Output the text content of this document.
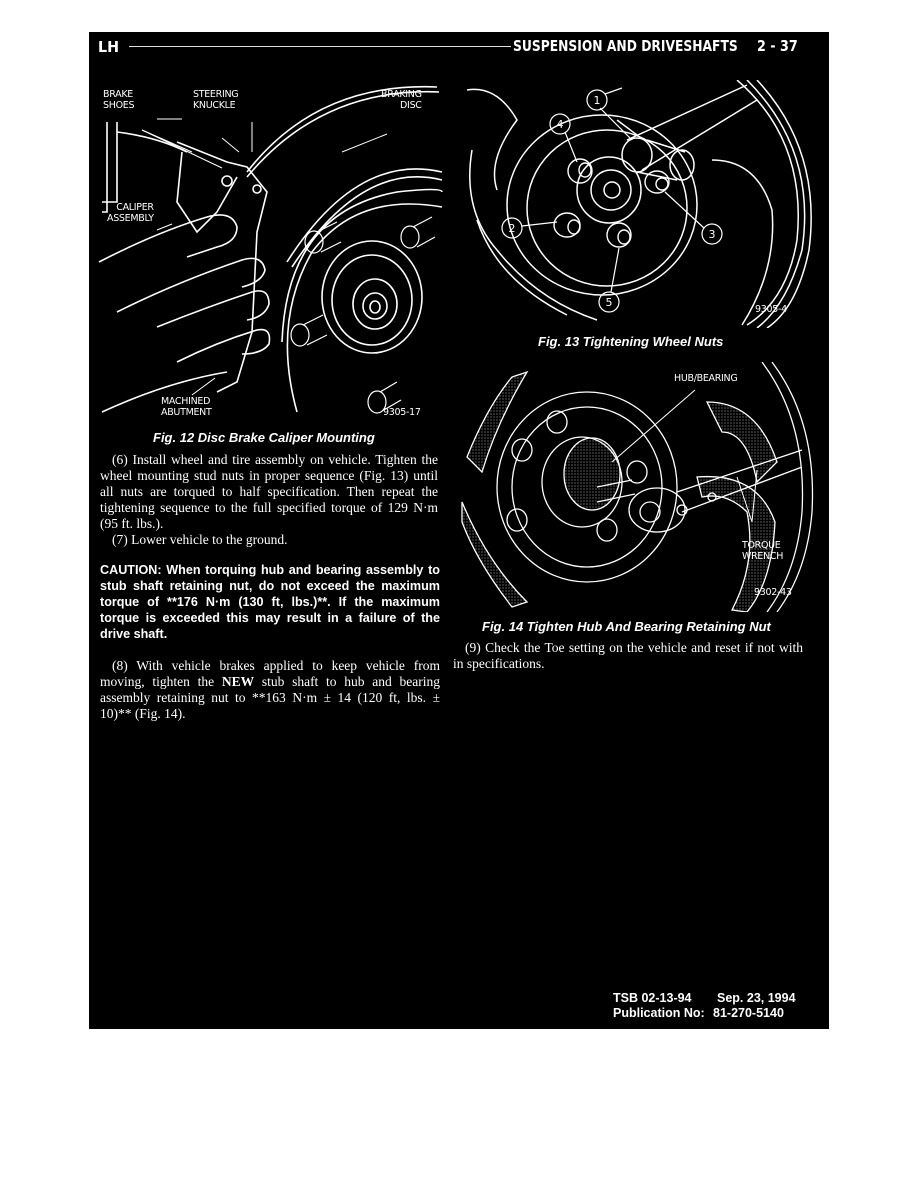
LH	SUSPENSION AND DRIVESHAFTS 2 - 37
BRAKE
SHOES
STEERING
KNUCKLE
BRAKING
DISC
CALIPER
ASSEMBLY
MACHINED
ABUTMENT	9305-17
Fig. 12 Disc Brake Caliper Mounting

(6) Install wheel and tire assembly on vehicle. Tighten the wheel mounting stud nuts in proper sequence (Fig. 13) until all nuts are torqued to half specification. Then repeat the tightening sequence to the full specified torque of 129 N·m (95 ft. lbs.).

(7) Lower vehicle to the ground.

CAUTION: When torquing hub and bearing assembly to stub shaft retaining nut, do not exceed the maximum torque of **176 N·m (130 ft, lbs.)**. If the maximum torque is exceeded this may result in a failure of the drive shaft.

(8) With vehicle brakes applied to keep vehicle from moving, tighten the NEW stub shaft to hub and bearing assembly retaining nut to **163 N·m ± 14 (120 ft, lbs. ± 10)** (Fig. 14).

1
4
2	3
5
9305-4
Fig. 13 Tightening Wheel Nuts
HUB/BEARING
TORQUE
WRENCH
9302-43
Fig. 14 Tighten Hub And Bearing Retaining Nut

(9) Check the Toe setting on the vehicle and reset if not with in specifications.

TSB 02-13-94 Sep. 23, 1994
Publication No: 81-270-5140
